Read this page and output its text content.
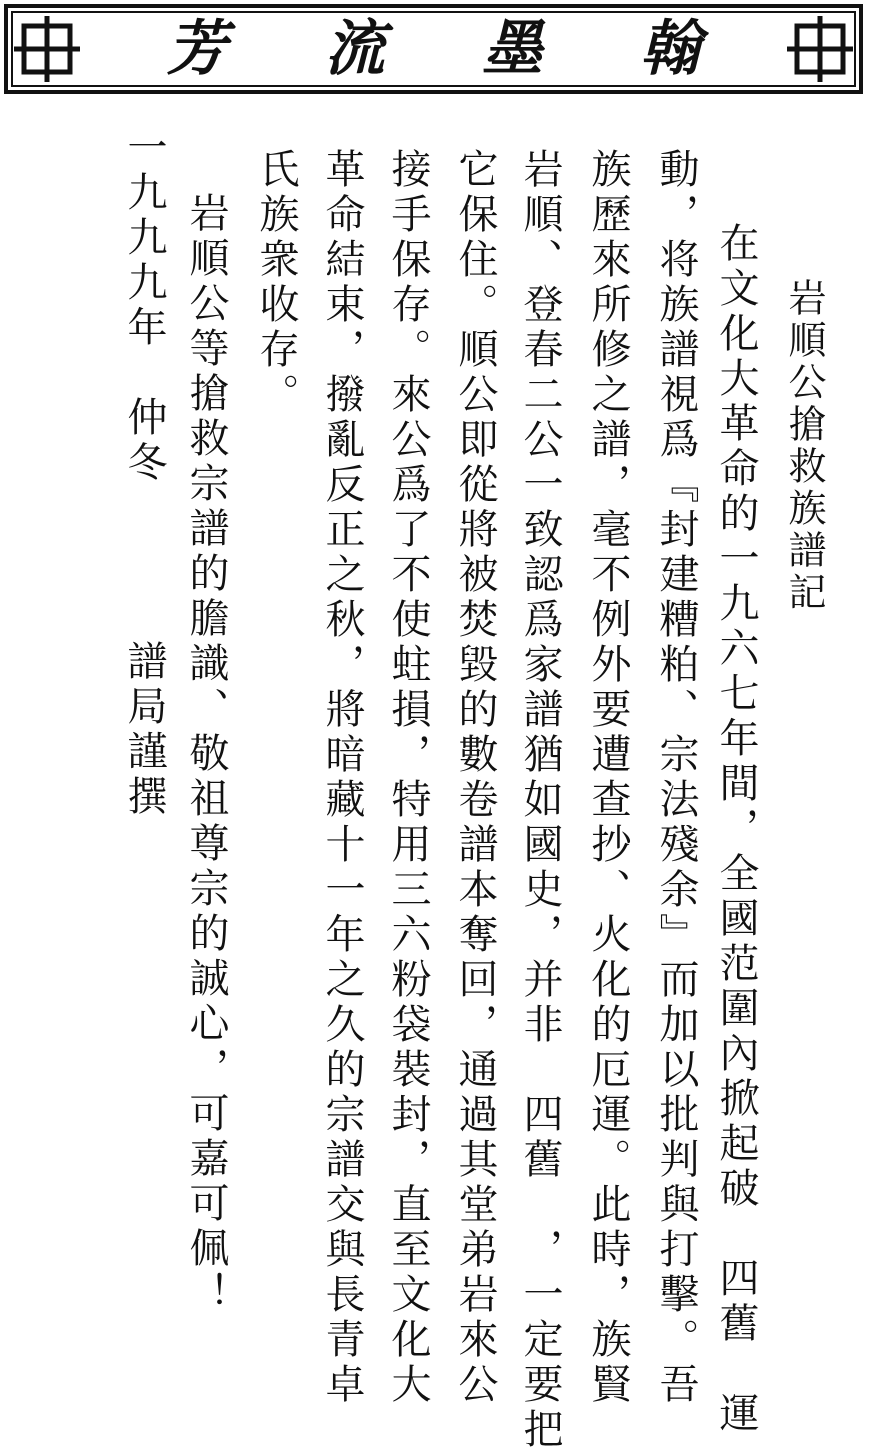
芳 流 墨 翰
岩順公搶救族譜記
在文化大革命的一九六七年間，全國范圍內掀起破　四舊　運
動，将族譜視爲『封建糟粕、宗法殘余』而加以批判與打擊。吾
族歷來所修之譜，毫不例外要遭查抄、火化的厄運。此時，族賢
岩順、登春二公一致認爲家譜猶如國史，并非　四舊　，一定要把
它保住。順公即從將被焚毀的數卷譜本奪回，通過其堂弟岩來公
接手保存。來公爲了不使蛀損，特用三六粉袋裝封，直至文化大
革命結束，撥亂反正之秋，將暗藏十一年之久的宗譜交與長青卓
氏族衆收存。
岩順公等搶救宗譜的膽識、敬祖尊宗的誠心，可嘉可佩！
一九九九年　仲冬
譜局謹撰
